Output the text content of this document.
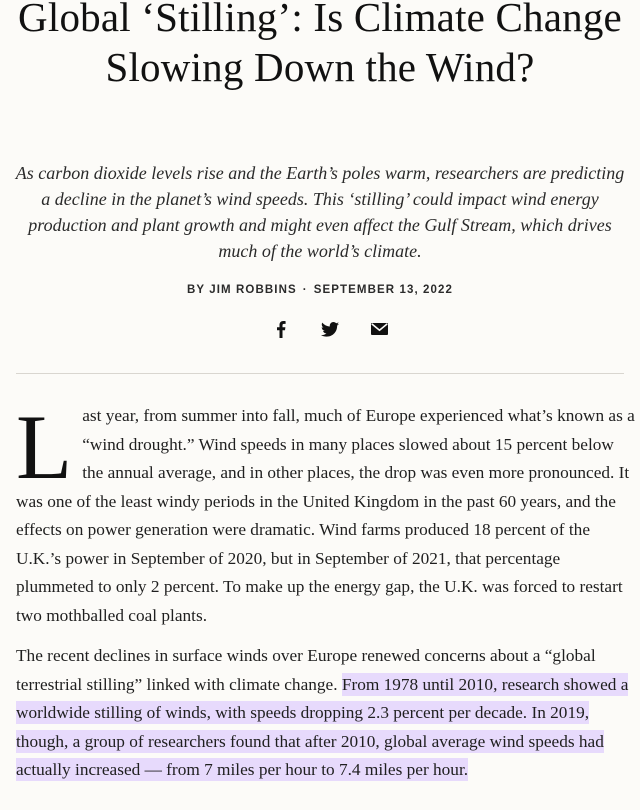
Global ‘Stilling’: Is Climate Change Slowing Down the Wind?

As carbon dioxide levels rise and the Earth’s poles warm, researchers are predicting a decline in the planet’s wind speeds. This ‘stilling’ could impact wind energy production and plant growth and might even affect the Gulf Stream, which drives much of the world’s climate.

BY JIM ROBBINS · SEPTEMBER 13, 2022

Last year, from summer into fall, much of Europe experienced what’s known as a “wind drought.” Wind speeds in many places slowed about 15 percent below the annual average, and in other places, the drop was even more pronounced. It was one of the least windy periods in the United Kingdom in the past 60 years, and the effects on power generation were dramatic. Wind farms produced 18 percent of the U.K.’s power in September of 2020, but in September of 2021, that percentage plummeted to only 2 percent. To make up the energy gap, the U.K. was forced to restart two mothballed coal plants.

The recent declines in surface winds over Europe renewed concerns about a “global terrestrial stilling” linked with climate change. From 1978 until 2010, research showed a worldwide stilling of winds, with speeds dropping 2.3 percent per decade. In 2019, though, a group of researchers found that after 2010, global average wind speeds had actually increased — from 7 miles per hour to 7.4 miles per hour.
